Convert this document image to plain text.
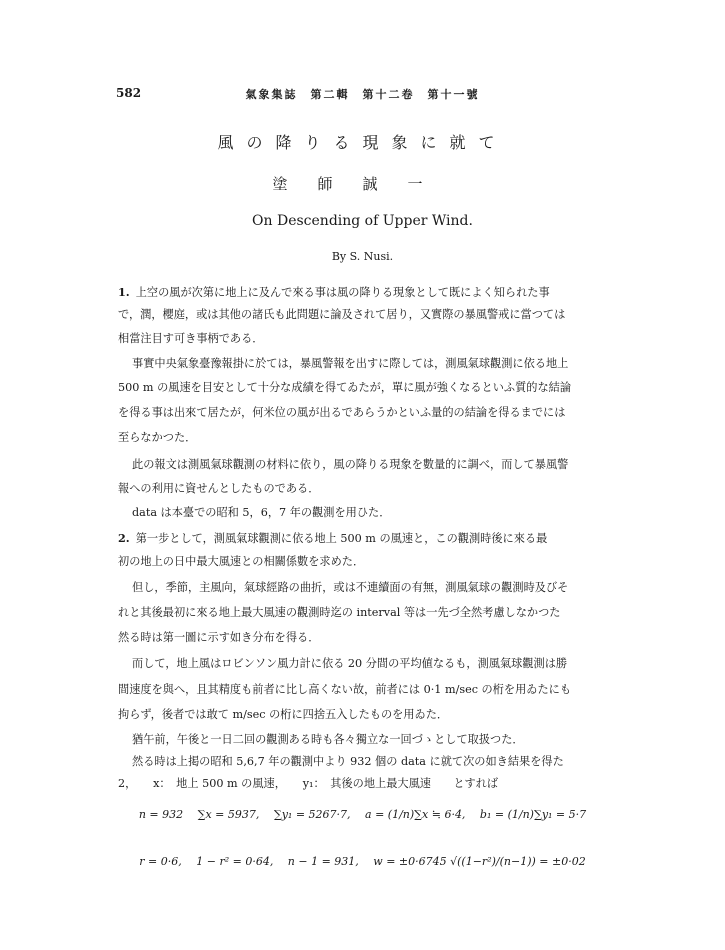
582	氣象集誌　第二輯　第十二卷　第十一號
風の降りる現象に就て
塗師誠一
On Descending of Upper Wind.
By S. Nusi.
1. 上空の風が次第に地上に及んで來る事は風の降りる現象として既によく知られた事
で，潤，櫻庭，或は其他の諸氏も此問題に論及されて居り，又實際の暴風警戒に當つては
相當注目す可き事柄である．
事實中央氣象臺豫報掛に於ては，暴風警報を出すに際しては，測風氣球觀測に依る地上
500 m の風速を目安として十分な成績を得てゐたが，單に風が強くなるといふ質的な結論
を得る事は出來て居たが，何米位の風が出るであらうかといふ量的の結論を得るまでには
至らなかつた．
此の報文は測風氣球觀測の材料に依り，風の降りる現象を數量的に調べ，而して暴風警
報への利用に資せんとしたものである．
data は本臺での昭和 5，6，7 年の觀測を用ひた．
2. 第一步として，測風氣球觀測に依る地上 500 m の風速と，この觀測時後に來る最
初の地上の日中最大風速との相關係數を求めた．
但し，季節，主風向，氣球經路の曲折，或は不連續面の有無，測風氣球の觀測時及びそ
れと其後最初に來る地上最大風速の觀測時迄の interval 等は一先づ全然考慮しなかつた
然る時は第一圖に示す如き分布を得る．
而して，地上風はロビンソン風力計に依る 20 分間の平均値なるも，測風氣球觀測は勝
間速度を與へ，且其精度も前者に比し高くない故，前者には 0·1 m/sec の桁を用ゐたにも
拘らず，後者では敢て m/sec の桁に四捨五入したものを用ゐた．
猶午前，午後と一日二回の觀測ある時も各々獨立な一回づゝとして取扱つた．
然る時は上掲の昭和 5,6,7 年の觀測中より 932 個の data に就て次の如き結果を得た
2，　　x：　地上 500 m の風速，　　y₁：　其後の地上最大風速　　とすれば
n = 932　 ∑x = 5937,　 ∑y₁ = 5267·7,　 a = (1/n)∑x ≒ 6·4,　 b₁ = (1/n)∑y₁ = 5·7
r = 0·6,　 1 − r² = 0·64,　 n − 1 = 931,　 w = ±0·6745 √((1−r²)/(n−1)) = ±0·02
